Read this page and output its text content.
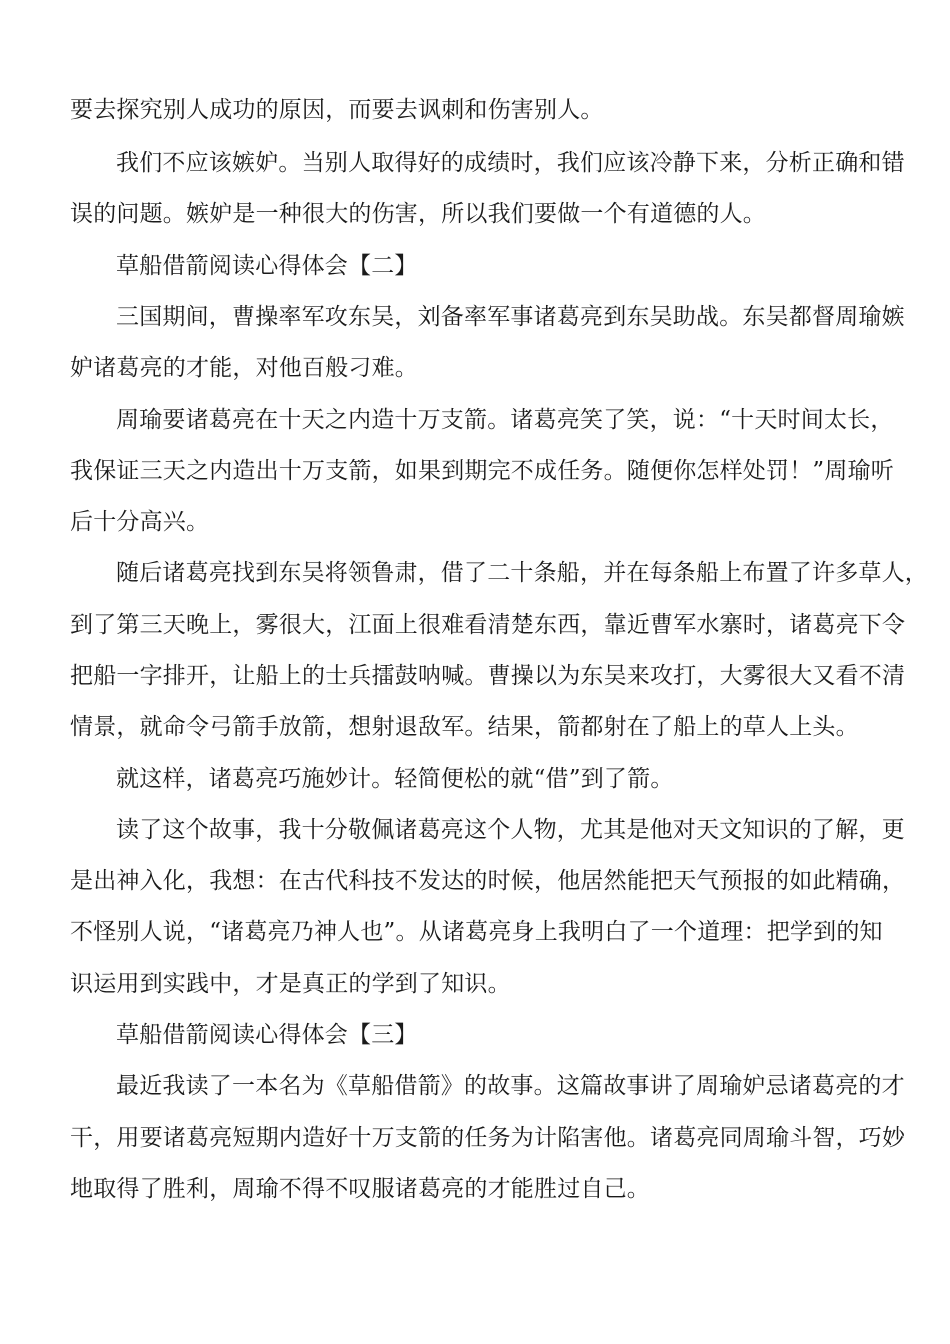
要去探究别人成功的原因，而要去讽刺和伤害别人。
我们不应该嫉妒。当别人取得好的成绩时，我们应该冷静下来，分析正确和错
误的问题。嫉妒是一种很大的伤害，所以我们要做一个有道德的人。
草船借箭阅读心得体会【二】
三国期间，曹操率军攻东吴，刘备率军事诸葛亮到东吴助战。东吴都督周瑜嫉
妒诸葛亮的才能，对他百般刁难。
周瑜要诸葛亮在十天之内造十万支箭。诸葛亮笑了笑，说：“十天时间太长，
我保证三天之内造出十万支箭，如果到期完不成任务。随便你怎样处罚！”周瑜听
后十分高兴。
随后诸葛亮找到东吴将领鲁肃，借了二十条船，并在每条船上布置了许多草人，
到了第三天晚上，雾很大，江面上很难看清楚东西，靠近曹军水寨时，诸葛亮下令
把船一字排开，让船上的士兵擂鼓呐喊。曹操以为东吴来攻打，大雾很大又看不清
情景，就命令弓箭手放箭，想射退敌军。结果，箭都射在了船上的草人上头。
就这样，诸葛亮巧施妙计。轻简便松的就“借”到了箭。
读了这个故事，我十分敬佩诸葛亮这个人物，尤其是他对天文知识的了解，更
是出神入化，我想：在古代科技不发达的时候，他居然能把天气预报的如此精确，
不怪别人说，“诸葛亮乃神人也”。从诸葛亮身上我明白了一个道理：把学到的知
识运用到实践中，才是真正的学到了知识。
草船借箭阅读心得体会【三】
最近我读了一本名为《草船借箭》的故事。这篇故事讲了周瑜妒忌诸葛亮的才
干，用要诸葛亮短期内造好十万支箭的任务为计陷害他。诸葛亮同周瑜斗智，巧妙
地取得了胜利，周瑜不得不叹服诸葛亮的才能胜过自己。
